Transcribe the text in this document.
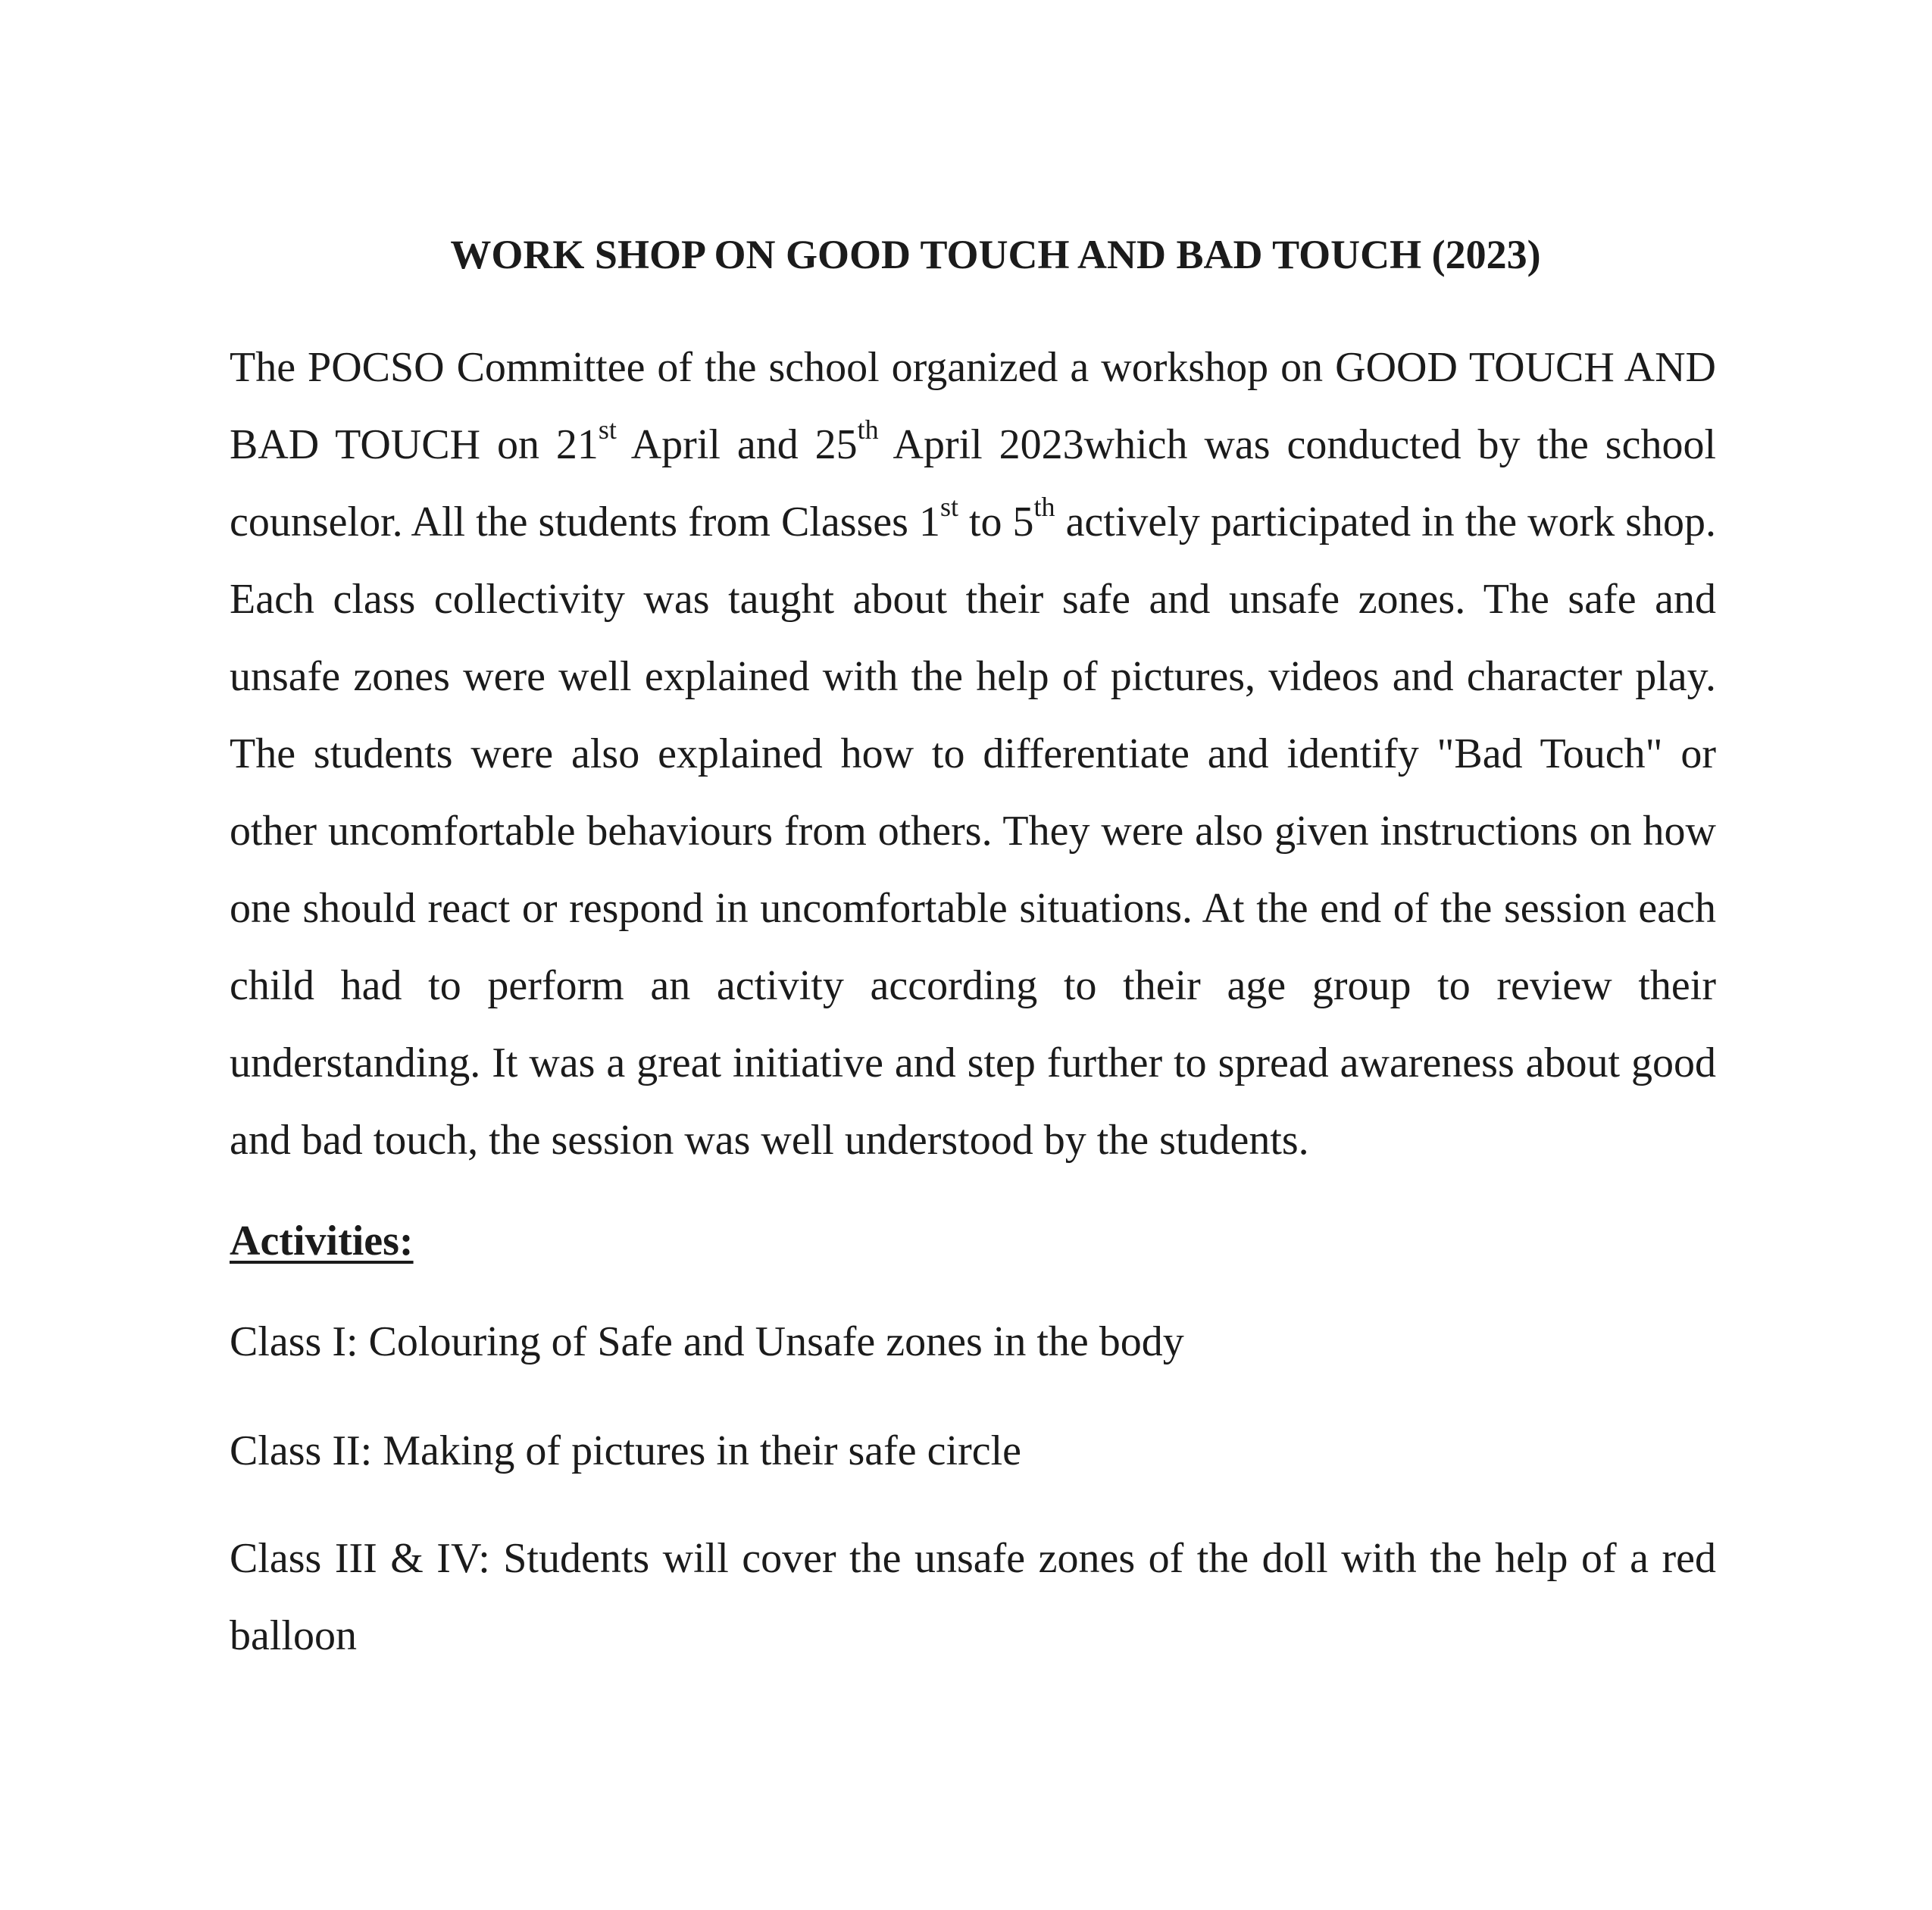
WORK SHOP ON GOOD TOUCH AND BAD TOUCH (2023)

The POCSO Committee of the school organized a workshop on GOOD TOUCH AND BAD TOUCH on 21st April and 25th April 2023which was conducted by the school counselor. All the students from Classes 1st to 5th actively participated in the work shop. Each class collectivity was taught about their safe and unsafe zones. The safe and unsafe zones were well explained with the help of pictures, videos and character play. The students were also explained how to differentiate and identify "Bad Touch" or other uncomfortable behaviours from others. They were also given instructions on how one should react or respond in uncomfortable situations. At the end of the session each child had to perform an activity according to their age group to review their understanding. It was a great initiative and step further to spread awareness about good and bad touch, the session was well understood by the students.

Activities:

Class I: Colouring of Safe and Unsafe zones in the body

Class II: Making of pictures in their safe circle

Class III & IV: Students will cover the unsafe zones of the doll with the help of a red balloon
